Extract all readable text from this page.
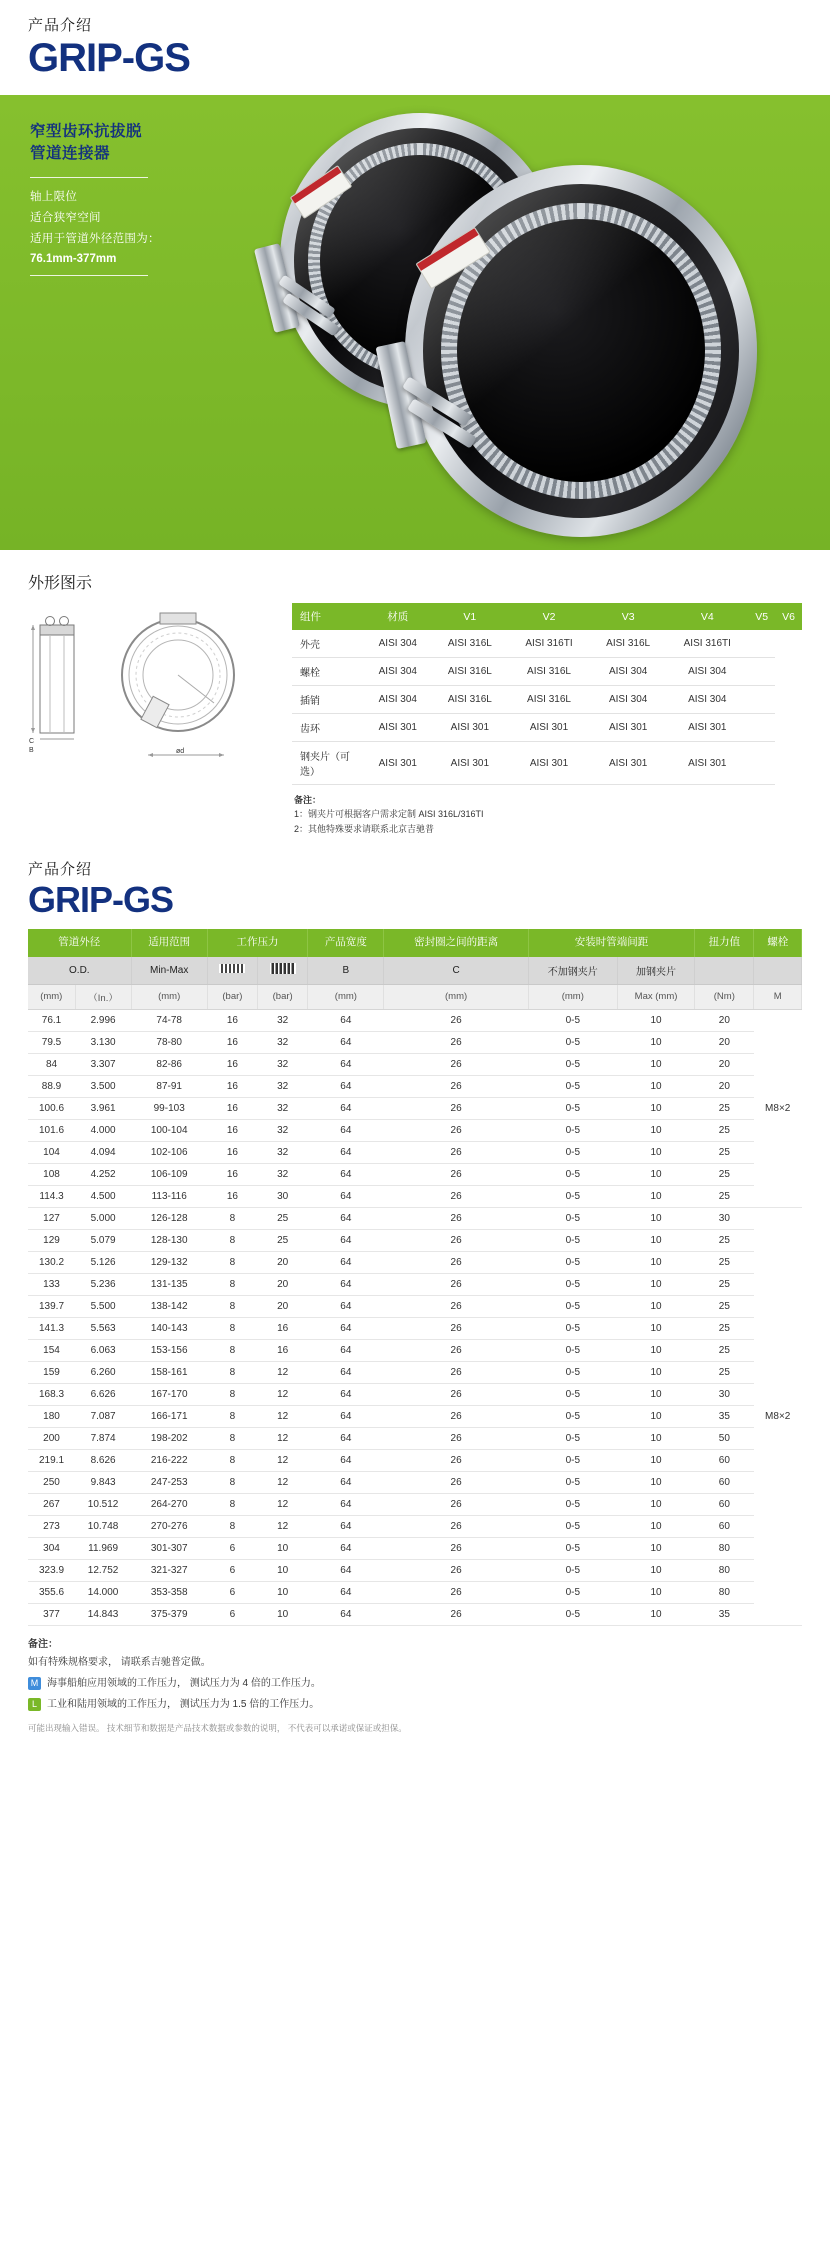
产品介绍
GRIP-GS
窄型齿环抗拔脱
管道连接器
轴上限位
适合狭窄空间
适用于管道外径范围为：
76.1mm-377mm
外形图示
C
B	ød
组件	材质	V1	V2	V3	V4	V5	V6
外壳	AISI 304	AISI 316L	AISI 316TI	AISI 316L	AISI 316TI		
螺栓	AISI 304	AISI 316L	AISI 316L	AISI 304	AISI 304		
插销	AISI 304	AISI 316L	AISI 316L	AISI 304	AISI 304		
齿环	AISI 301	AISI 301	AISI 301	AISI 301	AISI 301		
钢夹片（可选）	AISI 301	AISI 301	AISI 301	AISI 301	AISI 301		
备注：
1：钢夹片可根据客户需求定制 AISI 316L/316TI
2：其他特殊要求请联系北京吉驰普
产品介绍
GRIP-GS
管道外径		适用范围	工作压力		产品宽度	密封圈之间的距离	安装时管端间距		扭力值	螺栓
O.D.		Min-Max			B	C	不加钢夹片	加钢夹片		
(mm)	（In.）	(mm)	(bar)	(bar)	(mm)	(mm)	(mm)	Max (mm)	(Nm)	M
76.1	2.996	74-78	16	32	64	26	0-5	10	20	M8×2
79.5	3.130	78-80	16	32	64	26	0-5	10	20	
84	3.307	82-86	16	32	64	26	0-5	10	20	
88.9	3.500	87-91	16	32	64	26	0-5	10	20	
100.6	3.961	99-103	16	32	64	26	0-5	10	25	
101.6	4.000	100-104	16	32	64	26	0-5	10	25	
104	4.094	102-106	16	32	64	26	0-5	10	25	
108	4.252	106-109	16	32	64	26	0-5	10	25	
114.3	4.500	113-116	16	30	64	26	0-5	10	25	
127	5.000	126-128	8	25	64	26	0-5	10	30	M8×2
129	5.079	128-130	8	25	64	26	0-5	10	25	
130.2	5.126	129-132	8	20	64	26	0-5	10	25	
133	5.236	131-135	8	20	64	26	0-5	10	25	
139.7	5.500	138-142	8	20	64	26	0-5	10	25	
141.3	5.563	140-143	8	16	64	26	0-5	10	25	
154	6.063	153-156	8	16	64	26	0-5	10	25	
159	6.260	158-161	8	12	64	26	0-5	10	25	
168.3	6.626	167-170	8	12	64	26	0-5	10	30	
180	7.087	166-171	8	12	64	26	0-5	10	35	
200	7.874	198-202	8	12	64	26	0-5	10	50	
219.1	8.626	216-222	8	12	64	26	0-5	10	60	
250	9.843	247-253	8	12	64	26	0-5	10	60	
267	10.512	264-270	8	12	64	26	0-5	10	60	
273	10.748	270-276	8	12	64	26	0-5	10	60	
304	11.969	301-307	6	10	64	26	0-5	10	80	
323.9	12.752	321-327	6	10	64	26	0-5	10	80	
355.6	14.000	353-358	6	10	64	26	0-5	10	80	
377	14.843	375-379	6	10	64	26	0-5	10	35	
备注：
如有特殊规格要求， 请联系吉驰普定做。
M 海事船舶应用领域的工作压力， 测试压力为 4 倍的工作压力。
L	工业和陆用领域的工作压力， 测试压力为 1.5 倍的工作压力。
可能出现输入错误。 技术细节和数据是产品技术数据或参数的说明， 不代表可以承诺或保证或担保。
